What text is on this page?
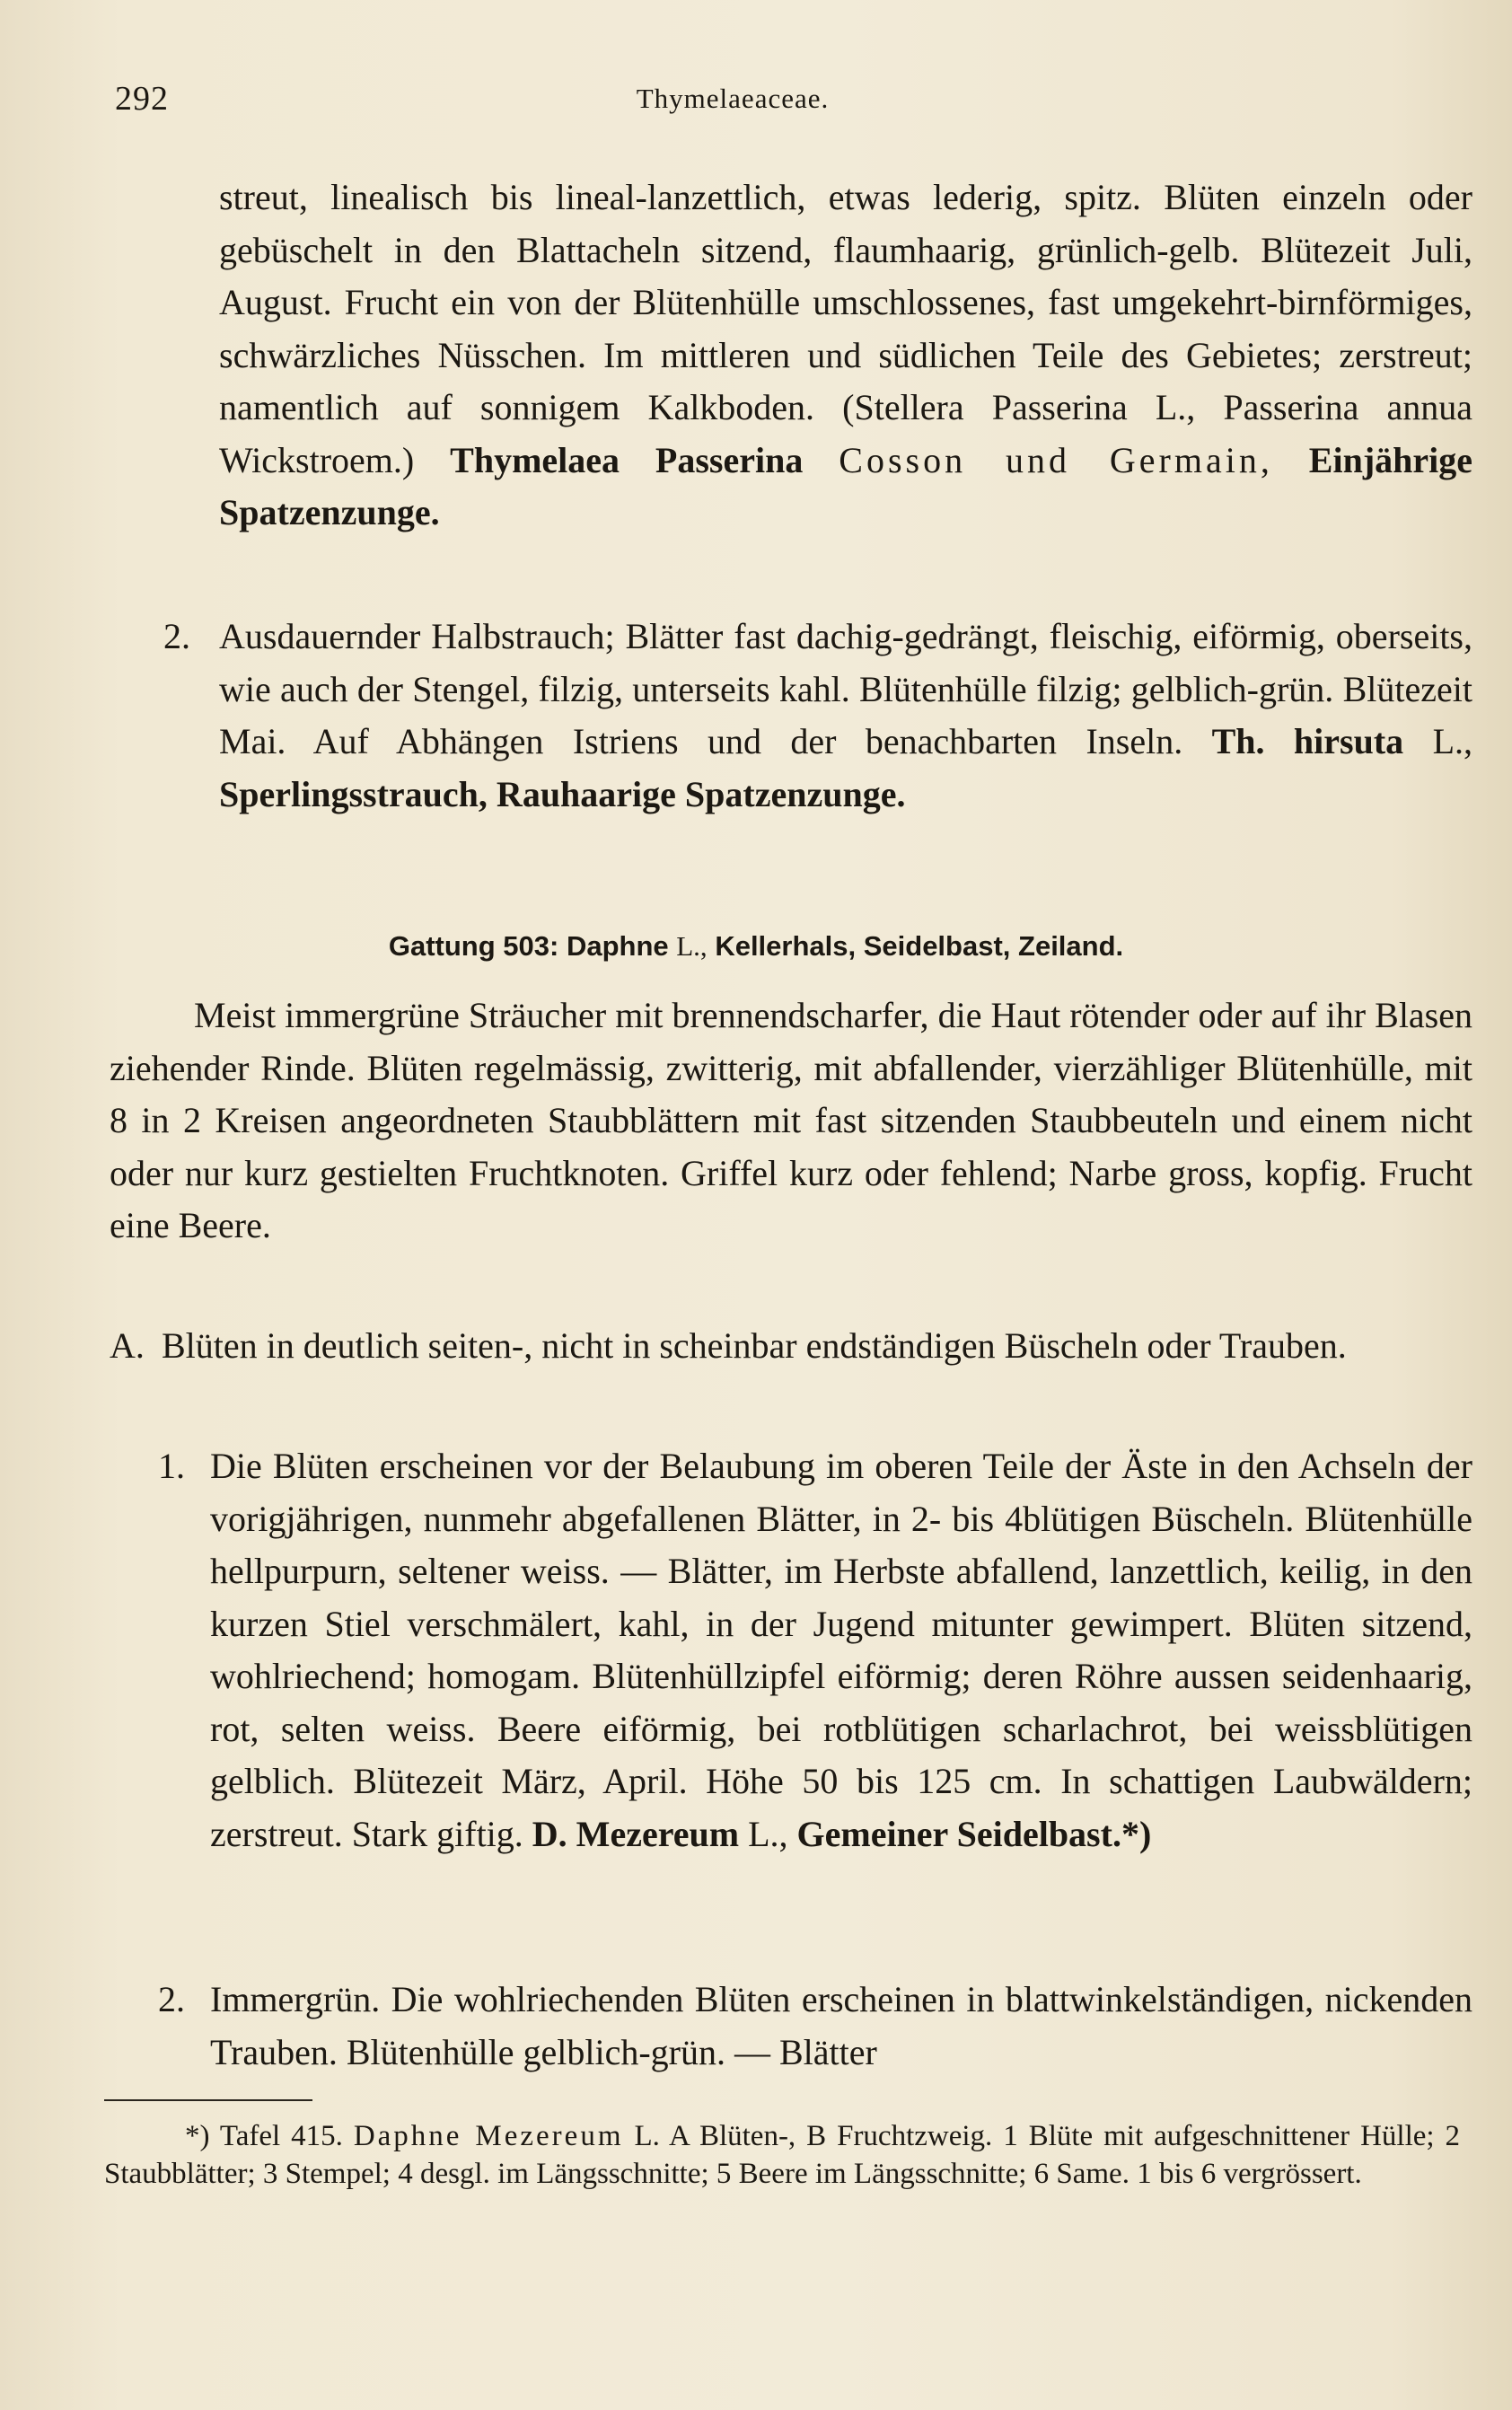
292	Thymelaeaceae.

streut, linealisch bis lineal-lanzettlich, etwas lederig, spitz. Blüten einzeln oder gebüschelt in den Blattacheln sitzend, flaumhaarig, grünlich-gelb. Blütezeit Juli, August. Frucht ein von der Blütenhülle umschlossenes, fast umgekehrt-birnförmiges, schwärzliches Nüsschen. Im mittleren und südlichen Teile des Gebietes; zerstreut; namentlich auf sonnigem Kalkboden. (Stellera Passerina L., Passerina annua Wickstroem.) Thymelaea Passerina Cosson und Germain, Einjährige Spatzenzunge.

2. Ausdauernder Halbstrauch; Blätter fast dachig-gedrängt, fleischig, eiförmig, oberseits, wie auch der Stengel, filzig, unterseits kahl. Blütenhülle filzig; gelblich-grün. Blütezeit Mai. Auf Abhängen Istriens und der benachbarten Inseln. Th. hirsuta L., Sperlingsstrauch, Rauhaarige Spatzenzunge.

Gattung 503: Daphne L., Kellerhals, Seidelbast, Zeiland.

Meist immergrüne Sträucher mit brennendscharfer, die Haut rötender oder auf ihr Blasen ziehender Rinde. Blüten regelmässig, zwitterig, mit abfallender, vierzähliger Blütenhülle, mit 8 in 2 Kreisen angeordneten Staubblättern mit fast sitzenden Staubbeuteln und einem nicht oder nur kurz gestielten Fruchtknoten. Griffel kurz oder fehlend; Narbe gross, kopfig. Frucht eine Beere.

A. Blüten in deutlich seiten-, nicht in scheinbar endständigen Büscheln oder Trauben.

1. Die Blüten erscheinen vor der Belaubung im oberen Teile der Äste in den Achseln der vorigjährigen, nunmehr abgefallenen Blätter, in 2- bis 4blütigen Büscheln. Blütenhülle hellpurpurn, seltener weiss. — Blätter, im Herbste abfallend, lanzettlich, keilig, in den kurzen Stiel verschmälert, kahl, in der Jugend mitunter gewimpert. Blüten sitzend, wohlriechend; homogam. Blütenhüllzipfel eiförmig; deren Röhre aussen seidenhaarig, rot, selten weiss. Beere eiförmig, bei rotblütigen scharlachrot, bei weissblütigen gelblich. Blütezeit März, April. Höhe 50 bis 125 cm. In schattigen Laubwäldern; zerstreut. Stark giftig. D. Mezereum L., Gemeiner Seidelbast.*)

2. Immergrün. Die wohlriechenden Blüten erscheinen in blattwinkelständigen, nickenden Trauben. Blütenhülle gelblich-grün. — Blätter

*) Tafel 415. Daphne Mezereum L. A Blüten-, B Fruchtzweig. 1 Blüte mit aufgeschnittener Hülle; 2 Staubblätter; 3 Stempel; 4 desgl. im Längsschnitte; 5 Beere im Längsschnitte; 6 Same. 1 bis 6 vergrössert.
